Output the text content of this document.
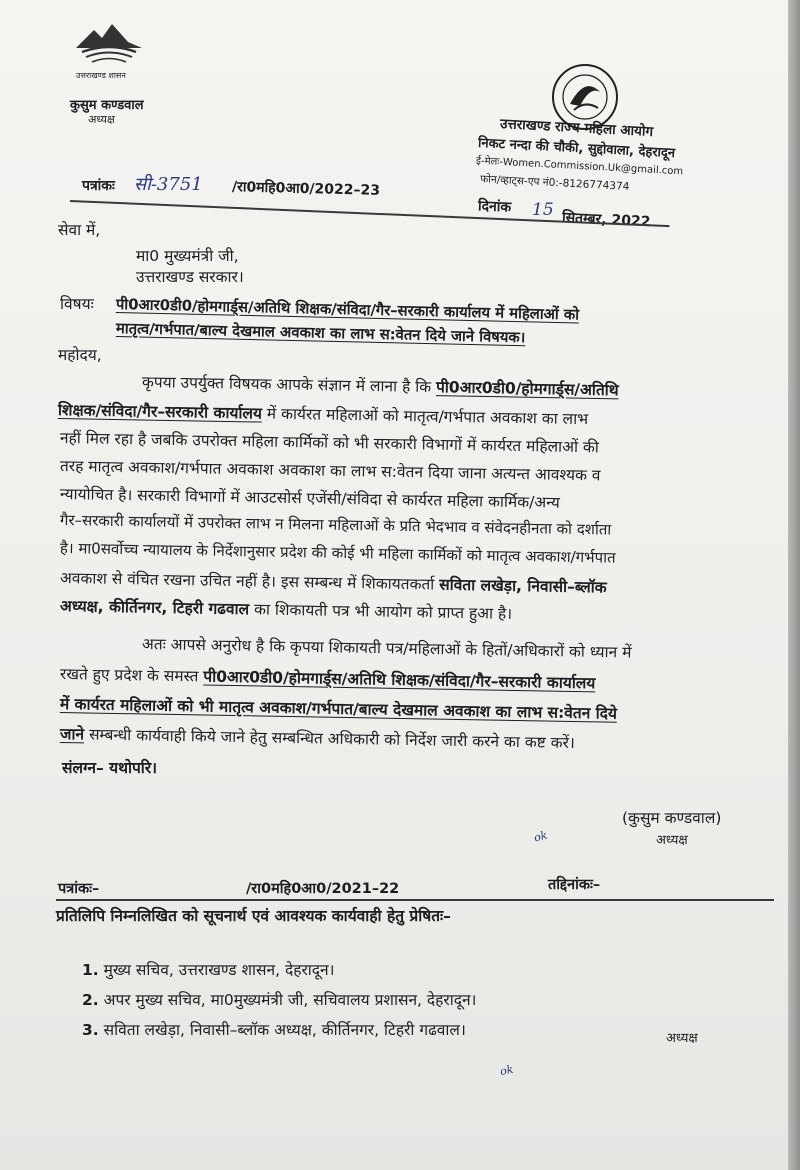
उत्तराखण्ड शासन
कुसुम कण्डवाल
अध्यक्ष	उत्तराखण्ड राज्य महिला आयोग
निकट नन्दा की चौकी, सुद्दोवाला, देहरादून
ई-मेलः-Women.Commission.Uk@gmail.com
फोन/व्हाट्स-एप नं0:-8126774374
पत्रांकः सी-3751 /रा0महि0आ0/2022–23
दिनांक 15 सितम्बर, 2022
सेवा में,
मा0 मुख्यमंत्री जी,
उत्तराखण्ड सरकार।
विषयः पी0आर0डी0/होमगार्ड्स/अतिथि शिक्षक/संविदा/गैर–सरकारी कार्यालय में महिलाओं को
मातृत्व/गर्भपात/बाल्य देखमाल अवकाश का लाभ स:वेतन दिये जाने विषयक।
महोदय,
कृपया उपर्युक्त विषयक आपके संज्ञान में लाना है कि पी0आर0डी0/होमगार्ड्स/अतिथि
शिक्षक/संविदा/गैर–सरकारी कार्यालय में कार्यरत महिलाओं को मातृत्व/गर्भपात अवकाश का लाभ
नहीं मिल रहा है जबकि उपरोक्त महिला कार्मिकों को भी सरकारी विभागों में कार्यरत महिलाओं की
तरह मातृत्व अवकाश/गर्भपात अवकाश अवकाश का लाभ स:वेतन दिया जाना अत्यन्त आवश्यक व
न्यायोचित है। सरकारी विभागों में आउटसोर्स एजेंसी/संविदा से कार्यरत महिला कार्मिक/अन्य
गैर–सरकारी कार्यालयों में उपरोक्त लाभ न मिलना महिलाओं के प्रति भेदभाव व संवेदनहीनता को दर्शाता
है। मा0सर्वोच्च न्यायालय के निर्देशानुसार प्रदेश की कोई भी महिला कार्मिकों को मातृत्व अवकाश/गर्भपात
अवकाश से वंचित रखना उचित नहीं है। इस सम्बन्ध में शिकायतकर्ता सविता लखेड़ा, निवासी–ब्लॉक
अध्यक्ष, कीर्तिनगर, टिहरी गढवाल का शिकायती पत्र भी आयोग को प्राप्त हुआ है।
अतः आपसे अनुरोध है कि कृपया शिकायती पत्र/महिलाओं के हितों/अधिकारों को ध्यान में
रखते हुए प्रदेश के समस्त पी0आर0डी0/होमगार्ड्स/अतिथि शिक्षक/संविदा/गैर–सरकारी कार्यालय
में कार्यरत महिलाओं को भी मातृत्व अवकाश/गर्भपात/बाल्य देखमाल अवकाश का लाभ स:वेतन दिये
जाने सम्बन्धी कार्यवाही किये जाने हेतु सम्बन्धित अधिकारी को निर्देश जारी करने का कष्ट करें।
संलग्न– यथोपरि।
(कुसुम कण्डवाल)
अध्यक्ष
ok
पत्रांकः–	/रा0महि0आ0/2021–22	तद्दिनांकः–
प्रतिलिपि निम्नलिखित को सूचनार्थ एवं आवश्यक कार्यवाही हेतु प्रेषितः–
1. मुख्य सचिव, उत्तराखण्ड शासन, देहरादून।
2. अपर मुख्य सचिव, मा0मुख्यमंत्री जी, सचिवालय प्रशासन, देहरादून।
3. सविता लखेड़ा, निवासी–ब्लॉक अध्यक्ष, कीर्तिनगर, टिहरी गढवाल।	अध्यक्ष
ok
